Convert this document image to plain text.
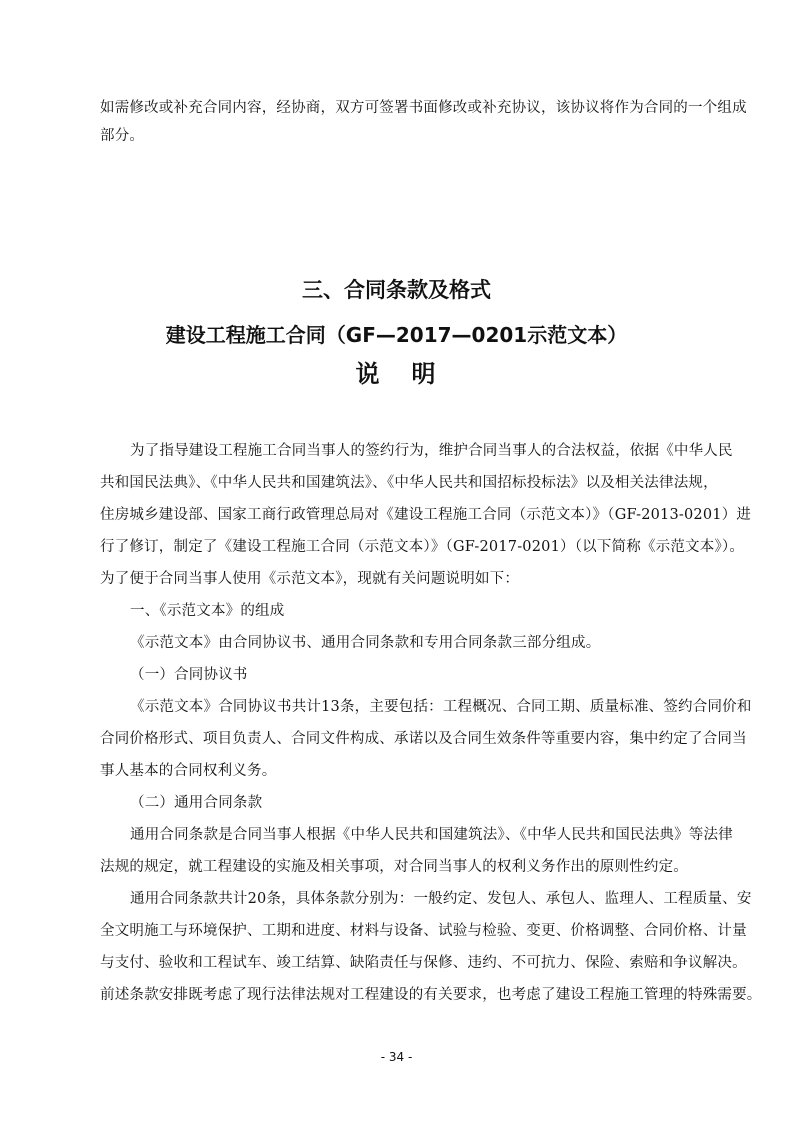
如需修改或补充合同内容，经协商，双方可签署书面修改或补充协议，该协议将作为合同的一个组成

部分。

三、合同条款及格式
建设工程施工合同（GF—2017—0201示范文本）
说 明

为了指导建设工程施工合同当事人的签约行为，维护合同当事人的合法权益，依据《中华人民

共和国民法典》、《中华人民共和国建筑法》、《中华人民共和国招标投标法》以及相关法律法规，

住房城乡建设部、国家工商行政管理总局对《建设工程施工合同（示范文本）》（GF-2013-0201）进

行了修订，制定了《建设工程施工合同（示范文本）》（GF-2017-0201）（以下简称《示范文本》）。

为了便于合同当事人使用《示范文本》，现就有关问题说明如下：

一、《示范文本》的组成

《示范文本》由合同协议书、通用合同条款和专用合同条款三部分组成。

（一）合同协议书

《示范文本》合同协议书共计13条，主要包括：工程概况、合同工期、质量标准、签约合同价和

合同价格形式、项目负责人、合同文件构成、承诺以及合同生效条件等重要内容，集中约定了合同当

事人基本的合同权利义务。

（二）通用合同条款

通用合同条款是合同当事人根据《中华人民共和国建筑法》、《中华人民共和国民法典》等法律

法规的规定，就工程建设的实施及相关事项，对合同当事人的权利义务作出的原则性约定。

通用合同条款共计20条，具体条款分别为：一般约定、发包人、承包人、监理人、工程质量、安

全文明施工与环境保护、工期和进度、材料与设备、试验与检验、变更、价格调整、合同价格、计量

与支付、验收和工程试车、竣工结算、缺陷责任与保修、违约、不可抗力、保险、索赔和争议解决。

前述条款安排既考虑了现行法律法规对工程建设的有关要求，也考虑了建设工程施工管理的特殊需要。

- 34 -
